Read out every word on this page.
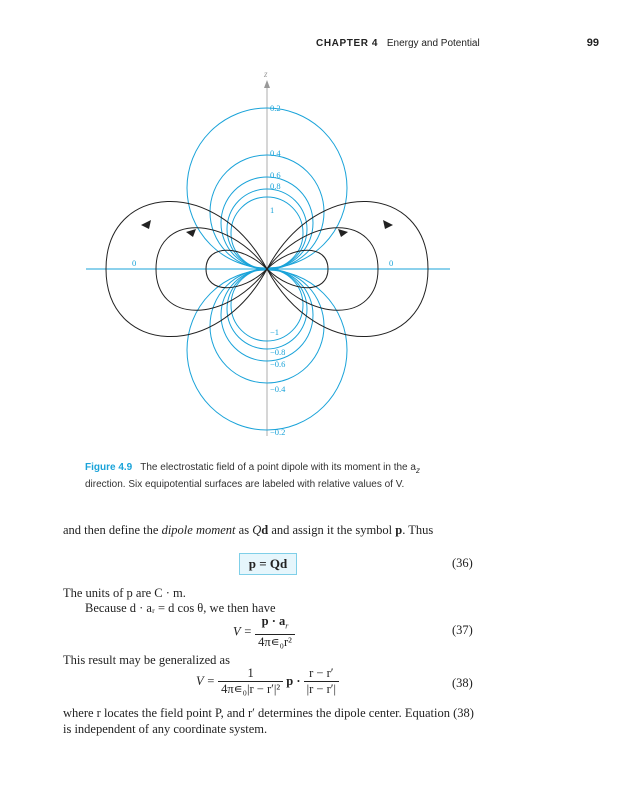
CHAPTER 4 Energy and Potential	99
z
0.2
0.4
0.6
0.8
1
−1
−0.8
−0.6
−0.4
−0.2
0	0
Figure 4.9 The electrostatic field of a point dipole with its moment in the $a_z$
direction. Six equipotential surfaces are labeled with relative values of V.
and then define the dipole moment as Qd and assign it the symbol p. Thus
p = Qd	(36)
The units of p are C · m.
Because d · aᵣ = d cos θ, we then have
$V = \frac{p \cdot a_r}{\text{4π∊₀r²}}$	(37)
This result may be generalized as
$V = \frac{1}{\text{4π∊₀|r − r′|²}}$ $p \cdot \frac{r - r'}{|r - r'|}$	(38)
where r locates the field point P, and r′ determines the dipole center. Equation (38)
is independent of any coordinate system.
